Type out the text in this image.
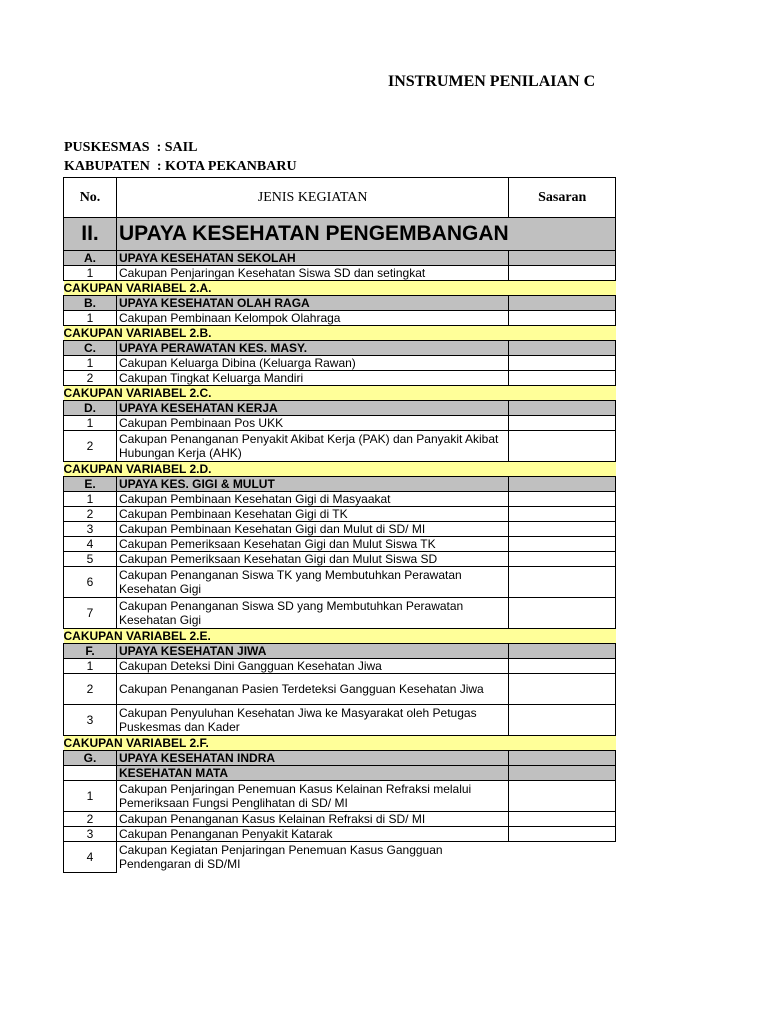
INSTRUMEN PENILAIAN C
PUSKESMAS  : SAIL
KABUPATEN  : KOTA PEKANBARU
No.	JENIS KEGIATAN	Sasaran
II.	UPAYA KESEHATAN PENGEMBANGAN	
A.	UPAYA KESEHATAN SEKOLAH	
1	Cakupan Penjaringan Kesehatan Siswa SD dan setingkat	
CAKUPAN VARIABEL 2.A.		
B.	UPAYA KESEHATAN OLAH RAGA	
1	Cakupan Pembinaan Kelompok Olahraga	
CAKUPAN VARIABEL 2.B.		
C.	UPAYA PERAWATAN KES. MASY.	
1	Cakupan Keluarga Dibina (Keluarga Rawan)	
2	Cakupan Tingkat Keluarga Mandiri	
CAKUPAN VARIABEL 2.C.		
D.	UPAYA KESEHATAN KERJA	
1	Cakupan Pembinaan Pos UKK	
2	Cakupan Penanganan Penyakit Akibat Kerja (PAK) dan Panyakit Akibat Hubungan Kerja (AHK)	
CAKUPAN VARIABEL 2.D.		
E.	UPAYA KES. GIGI & MULUT	
1	Cakupan Pembinaan Kesehatan Gigi di Masyaakat	
2	Cakupan Pembinaan Kesehatan Gigi di TK	
3	Cakupan Pembinaan Kesehatan Gigi dan Mulut di SD/ MI	
4	Cakupan Pemeriksaan Kesehatan Gigi dan Mulut Siswa TK	
5	Cakupan Pemeriksaan Kesehatan Gigi dan Mulut Siswa SD	
6	Cakupan Penanganan Siswa TK yang Membutuhkan Perawatan Kesehatan Gigi	
7	Cakupan Penanganan Siswa SD yang Membutuhkan Perawatan Kesehatan Gigi	
CAKUPAN VARIABEL 2.E.		
F.	UPAYA KESEHATAN JIWA	
1	Cakupan Deteksi Dini Gangguan Kesehatan Jiwa	
2	Cakupan Penanganan Pasien Terdeteksi Gangguan Kesehatan Jiwa	
3	Cakupan Penyuluhan Kesehatan Jiwa ke Masyarakat oleh Petugas Puskesmas dan Kader	
CAKUPAN VARIABEL 2.F.		
G.	UPAYA KESEHATAN INDRA	
	KESEHATAN MATA	
1	Cakupan Penjaringan Penemuan Kasus Kelainan Refraksi melalui Pemeriksaan Fungsi Penglihatan di SD/ MI	
2	Cakupan Penanganan Kasus Kelainan Refraksi di SD/ MI	
3	Cakupan Penanganan Penyakit Katarak	
4	Cakupan Kegiatan Penjaringan Penemuan Kasus Gangguan Pendengaran di SD/MI	
